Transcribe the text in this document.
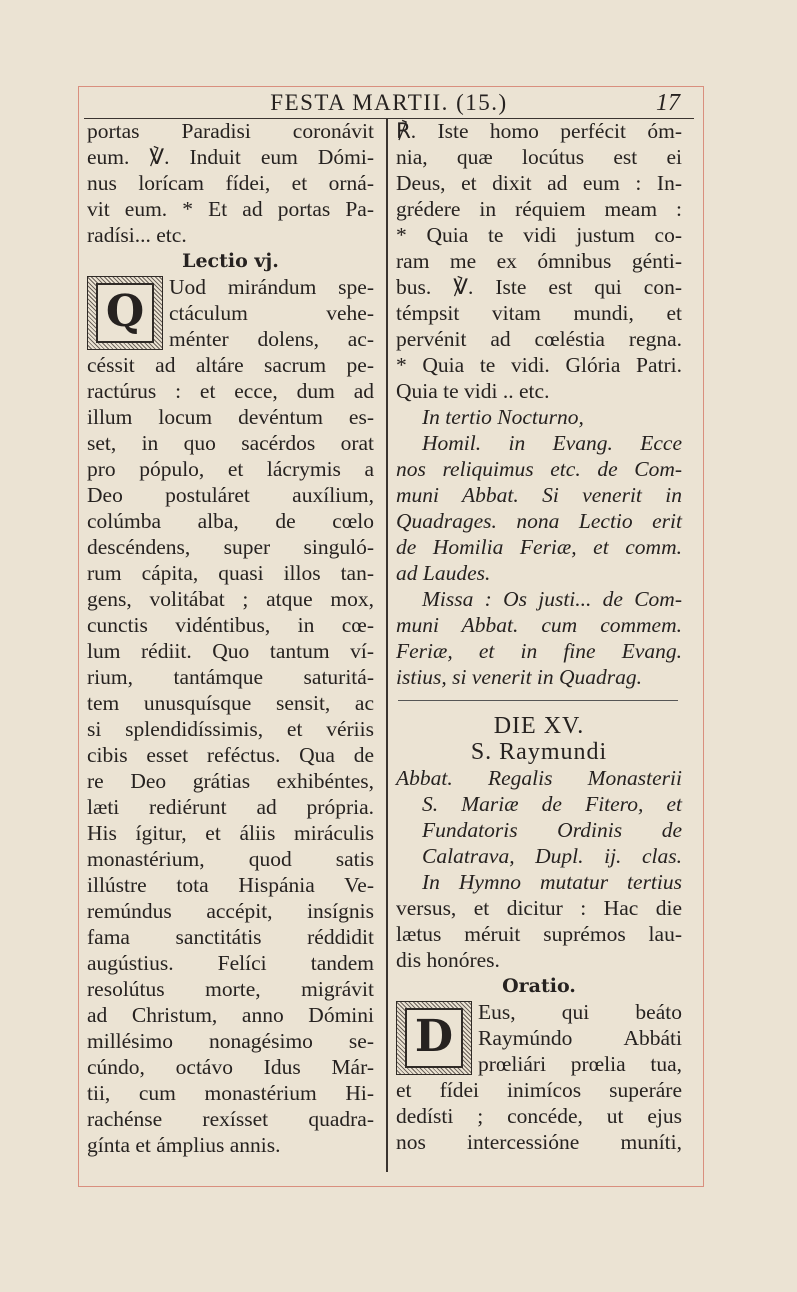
FESTA MARTII. (15.)	17
portas Paradisi coronávit
eum. ℣. Induit eum Dómi-
nus lorícam fídei, et orná-
vit eum. * Et ad portas Pa-
radísi... etc.
Lectio vj.
Q	Uod mirándum spe-
ctáculum vehe-
ménter dolens, ac-
céssit ad altáre sacrum pe-
ractúrus : et ecce, dum ad
illum locum devéntum es-
set, in quo sacérdos orat
pro pópulo, et lácrymis a
Deo postuláret auxílium,
colúmba alba, de cœlo
descéndens, super singuló-
rum cápita, quasi illos tan-
gens, volitábat ; atque mox,
cunctis vidéntibus, in cœ-
lum rédiit. Quo tantum ví-
rium, tantámque saturitá-
tem unusquísque sensit, ac
si splendidíssimis, et vériis
cibis esset reféctus. Qua de
re Deo grátias exhibéntes,
læti rediérunt ad própria.
His ígitur, et áliis miráculis
monastérium, quod satis
illústre tota Hispánia Ve-
remúndus accépit, insígnis
fama sanctitátis réddidit
augústius. Felíci tandem
resolútus morte, migrávit
ad Christum, anno Dómini
millésimo nonagésimo se-
cúndo, octávo Idus Már-
tii, cum monastérium Hi-
rachénse rexísset quadra-
gínta et ámplius annis.
℟. Iste homo perfécit óm-
nia, quæ locútus est ei
Deus, et dixit ad eum : In-
grédere in réquiem meam :
* Quia te vidi justum co-
ram me ex ómnibus génti-
bus. ℣. Iste est qui con-
témpsit vitam mundi, et
pervénit ad cœléstia regna.
* Quia te vidi. Glória Patri.
Quia te vidi .. etc.
In tertio Nocturno,
Homil. in Evang. Ecce
nos reliquimus etc. de Com-
muni Abbat. Si venerit in
Quadrages. nona Lectio erit
de Homilia Feriæ, et comm.
ad Laudes.
Missa : Os justi... de Com-
muni Abbat. cum commem.
Feriæ, et in fine Evang.
istius, si venerit in Quadrag.
DIE XV.
S. Raymundi
Abbat. Regalis Monasterii
S. Mariæ de Fitero, et
Fundatoris Ordinis de
Calatrava, Dupl. ij. clas.
In Hymno mutatur tertius
versus, et dicitur : Hac die
lætus méruit suprémos lau-
dis honóres.
Oratio.
D	Eus, qui beáto
Raymúndo Abbáti
prœliári prœlia tua,
et fídei inimícos superáre
dedísti ; concéde, ut ejus
nos intercessióne muníti,
